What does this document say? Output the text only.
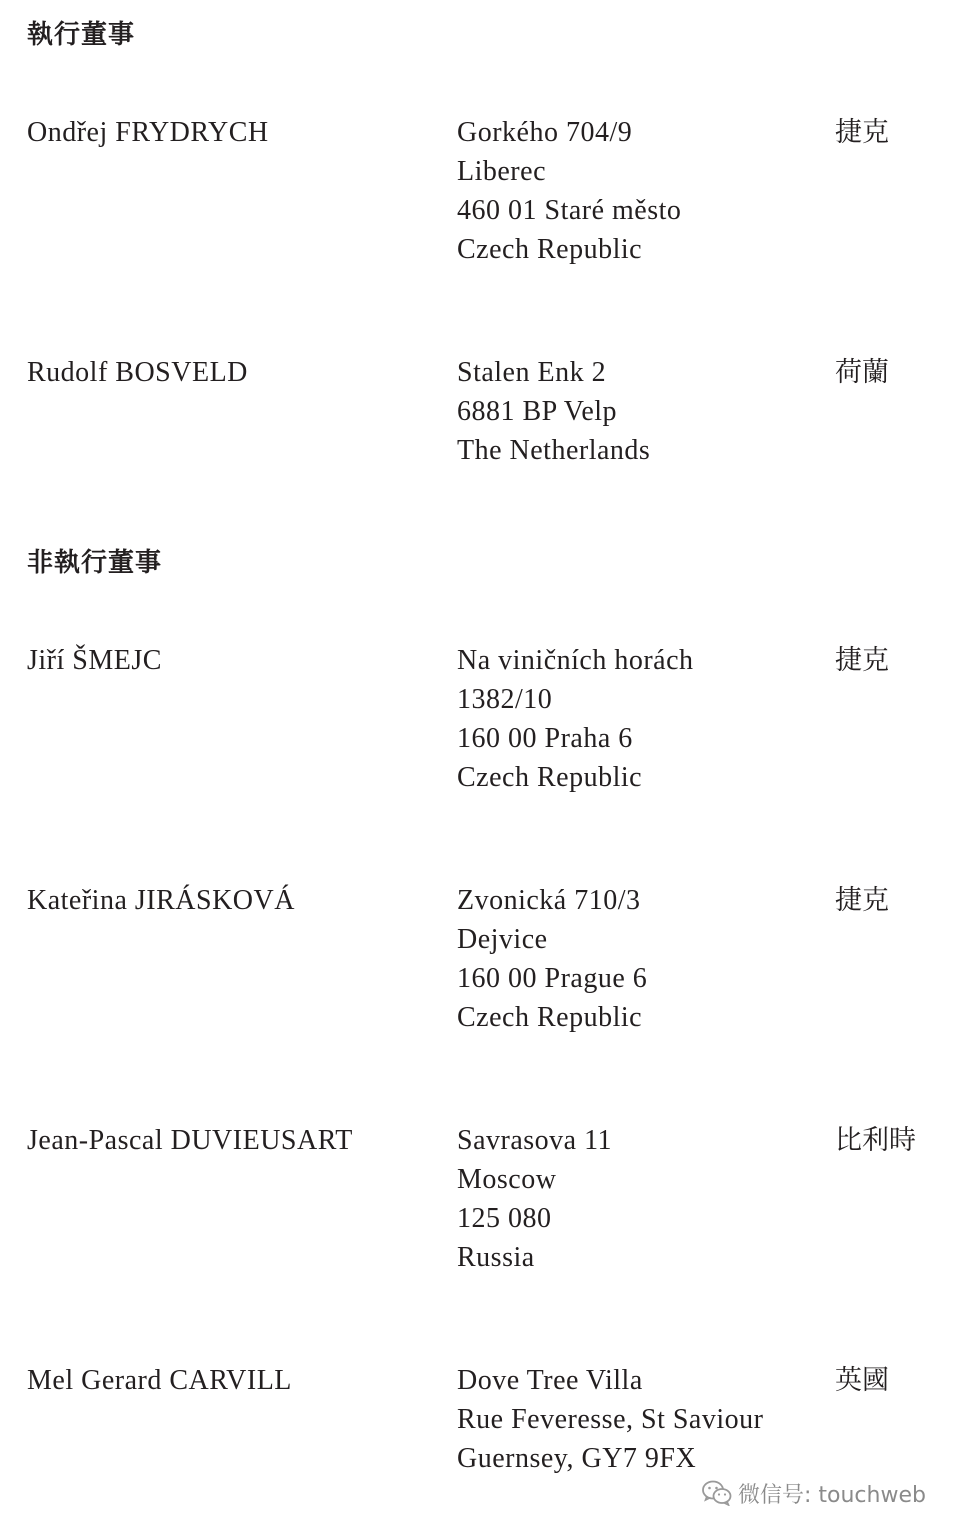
執行董事
Ondřej FRYDRYCH	Gorkého 704/9
Liberec
460 01 Staré město
Czech Republic
捷克
Rudolf BOSVELD	Stalen Enk 2
6881 BP Velp
The Netherlands
荷蘭
非執行董事
Jiří ŠMEJC	Na viničních horách
1382/10
160 00 Praha 6
Czech Republic
捷克
Kateřina JIRÁSKOVÁ	Zvonická 710/3
Dejvice
160 00 Prague 6
Czech Republic
捷克
Jean-Pascal DUVIEUSART	Savrasova 11
Moscow
125 080
Russia
比利時
Mel Gerard CARVILL	Dove Tree Villa
Rue Feveresse, St Saviour
Guernsey, GY7 9FX
英國
微信号: touchweb
